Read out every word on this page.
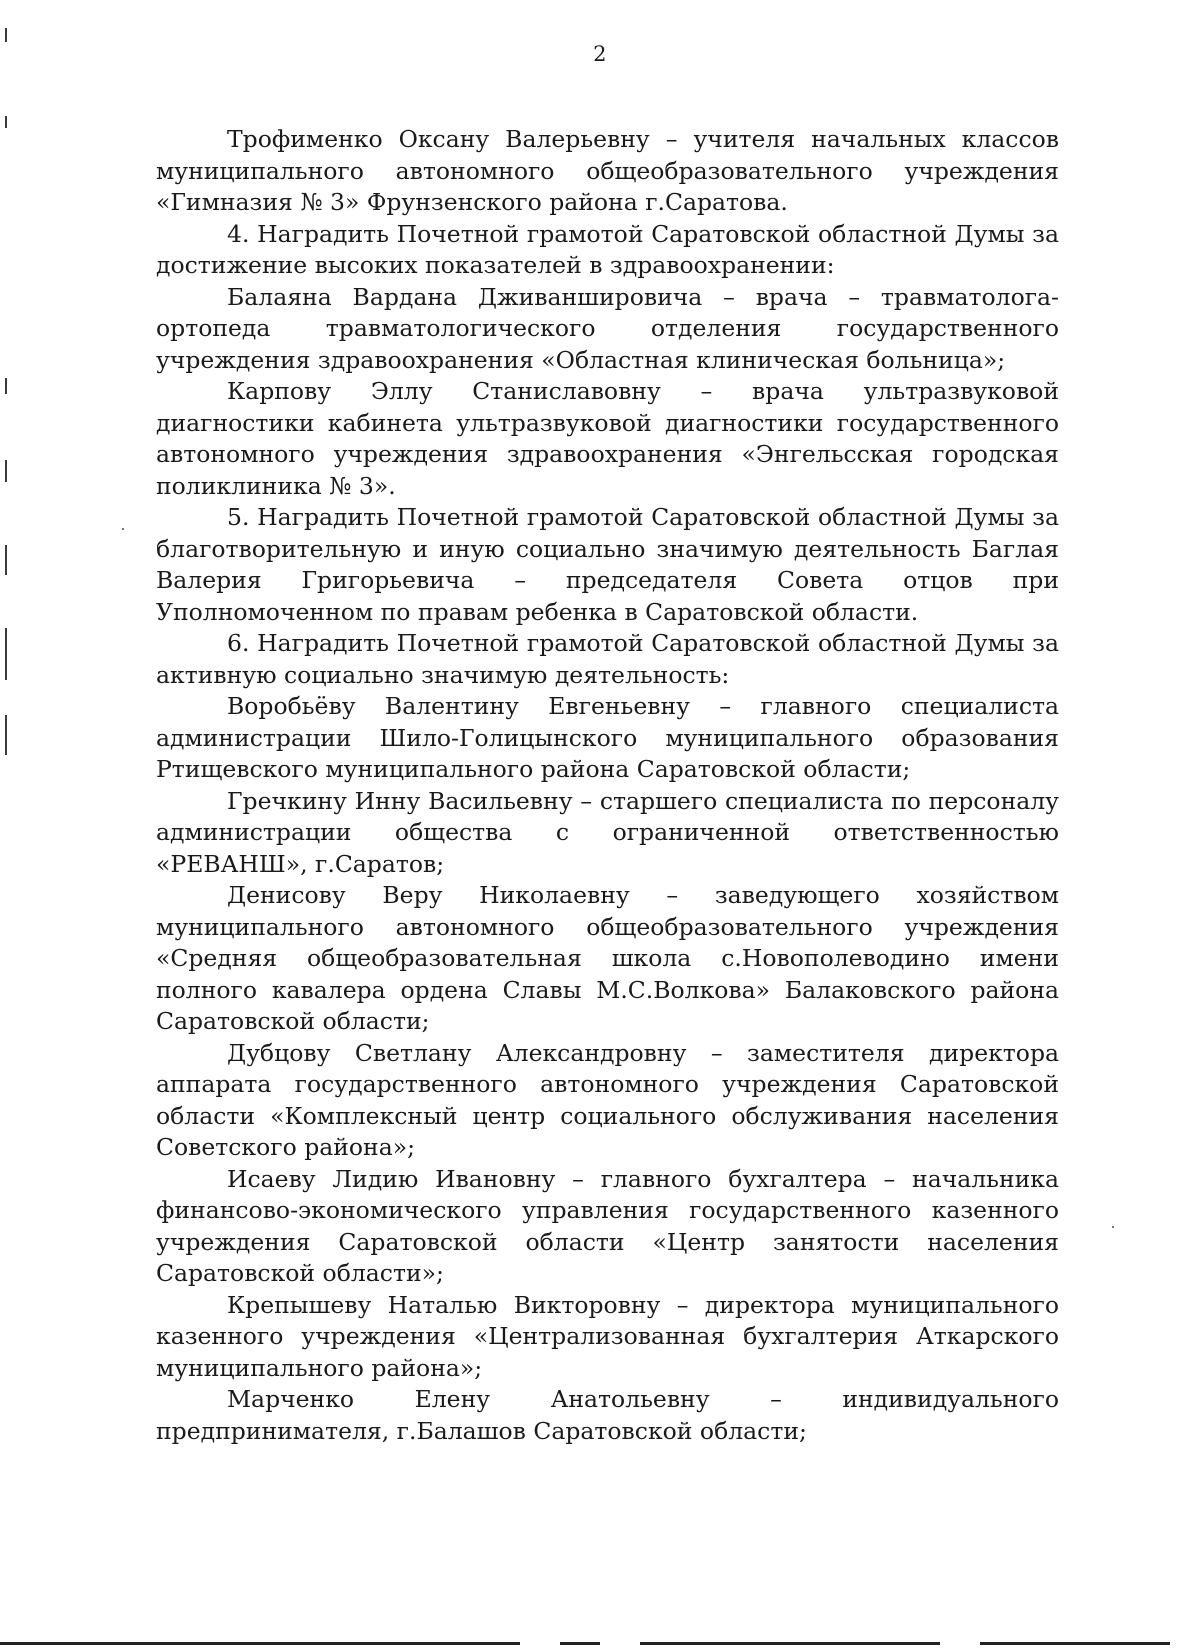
2

Трофименко Оксану Валерьевну – учителя начальных классов муниципального автономного общеобразовательного учреждения «Гимназия № 3» Фрунзенского района г.Саратова.

4. Наградить Почетной грамотой Саратовской областной Думы за достижение высоких показателей в здравоохранении:

Балаяна Вардана Дживаншировича – врача – травматолога-ортопеда травматологического отделения государственного учреждения здравоохранения «Областная клиническая больница»;

Карпову Эллу Станиславовну – врача ультразвуковой диагностики кабинета ультразвуковой диагностики государственного автономного учреждения здравоохранения «Энгельсская городская поликлиника № 3».

5. Наградить Почетной грамотой Саратовской областной Думы за благотворительную и иную социально значимую деятельность Баглая Валерия Григорьевича – председателя Совета отцов при Уполномоченном по правам ребенка в Саратовской области.

6. Наградить Почетной грамотой Саратовской областной Думы за активную социально значимую деятельность:

Воробьёву Валентину Евгеньевну – главного специалиста администрации Шило-Голицынского муниципального образования Ртищевского муниципального района Саратовской области;

Гречкину Инну Васильевну – старшего специалиста по персоналу администрации общества с ограниченной ответственностью «РЕВАНШ», г.Саратов;

Денисову Веру Николаевну – заведующего хозяйством муниципального автономного общеобразовательного учреждения «Средняя общеобразовательная школа с.Новополеводино имени полного кавалера ордена Славы М.С.Волкова» Балаковского района Саратовской области;

Дубцову Светлану Александровну – заместителя директора аппарата государственного автономного учреждения Саратовской области «Комплексный центр социального обслуживания населения Советского района»;

Исаеву Лидию Ивановну – главного бухгалтера – начальника финансово-экономического управления государственного казенного учреждения Саратовской области «Центр занятости населения Саратовской области»;

Крепышеву Наталью Викторовну – директора муниципального казенного учреждения «Централизованная бухгалтерия Аткарского муниципального района»;

Марченко Елену Анатольевну – индивидуального предпринимателя, г.Балашов Саратовской области;
